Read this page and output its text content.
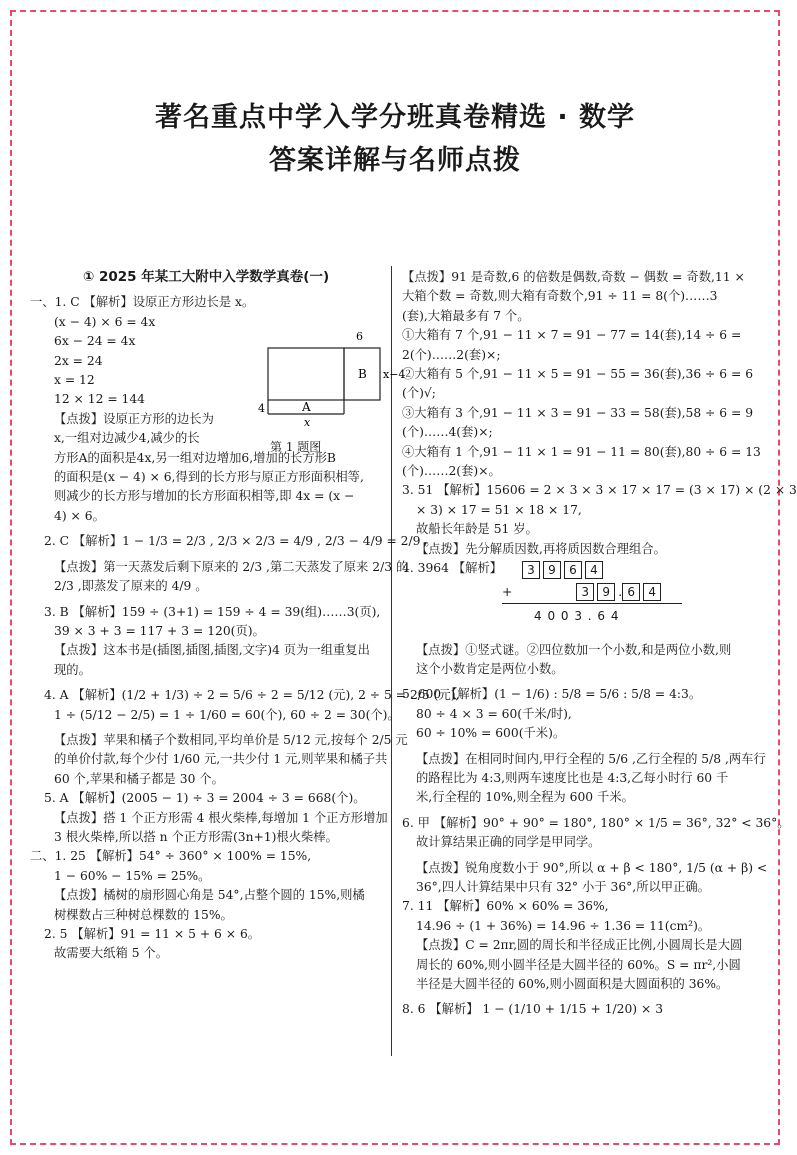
著名重点中学入学分班真卷精选 · 数学
答案详解与名师点拨
① 2025 年某工大附中入学数学真卷(一)
一、1. C 【解析】设原正方形边长是 x。
(x − 4) × 6 = 4x
6x − 24 = 4x
2x = 24
x = 12
12 × 12 = 144
【点拨】设原正方形的边长为
x,一组对边减少4,减少的长
方形A的面积是4x,另一组对边增加6,增加的长方形B
的面积是(x − 4) × 6,得到的长方形与原正方形面积相等,
则减少的长方形与增加的长方形面积相等,即 4x = (x −
4) × 6。
2. C 【解析】1 − 1/3 = 2/3 , 2/3 × 2/3 = 4/9 , 2/3 − 4/9 = 2/9 。
【点拨】第一天蒸发后剩下原来的 2/3 ,第二天蒸发了原来 2/3 的
2/3 ,即蒸发了原来的 4/9 。
3. B 【解析】159 ÷ (3+1) = 159 ÷ 4 = 39(组)……3(页),
39 × 3 + 3 = 117 + 3 = 120(页)。
【点拨】这本书是(插图,插图,插图,文字)4 页为一组重复出
现的。
4. A 【解析】(1/2 + 1/3) ÷ 2 = 5/6 ÷ 2 = 5/12 (元), 2 ÷ 5 = 2/5 (元),
1 ÷ (5/12 − 2/5) = 1 ÷ 1/60 = 60(个), 60 ÷ 2 = 30(个)。
【点拨】苹果和橘子个数相同,平均单价是 5/12 元,按每个 2/5 元
的单价付款,每个少付 1/60 元,一共少付 1 元,则苹果和橘子共
60 个,苹果和橘子都是 30 个。
5. A 【解析】(2005 − 1) ÷ 3 = 2004 ÷ 3 = 668(个)。
【点拨】搭 1 个正方形需 4 根火柴棒,每增加 1 个正方形增加
3 根火柴棒,所以搭 n 个正方形需(3n+1)根火柴棒。
二、1. 25 【解析】54° ÷ 360° × 100% = 15%,
1 − 60% − 15% = 25%。
【点拨】橘树的扇形圆心角是 54°,占整个圆的 15%,则橘
树棵数占三种树总棵数的 15%。
2. 5 【解析】91 = 11 × 5 + 6 × 6。
故需要大纸箱 5 个。
6
B x−4
4	A
x
第 1 题图
【点拨】91 是奇数,6 的倍数是偶数,奇数 − 偶数 = 奇数,11 ×
大箱个数 = 奇数,则大箱有奇数个,91 ÷ 11 = 8(个)……3
(套),大箱最多有 7 个。
①大箱有 7 个,91 − 11 × 7 = 91 − 77 = 14(套),14 ÷ 6 =
2(个)……2(套)×;
②大箱有 5 个,91 − 11 × 5 = 91 − 55 = 36(套),36 ÷ 6 = 6
(个)√;
③大箱有 3 个,91 − 11 × 3 = 91 − 33 = 58(套),58 ÷ 6 = 9
(个)……4(套)×;
④大箱有 1 个,91 − 11 × 1 = 91 − 11 = 80(套),80 ÷ 6 = 13
(个)……2(套)×。
3. 51 【解析】15606 = 2 × 3 × 3 × 17 × 17 = (3 × 17) × (2 × 3
× 3) × 17 = 51 × 18 × 17,
故船长年龄是 51 岁。
【点拨】先分解质因数,再将质因数合理组合。
4. 3964 【解析】	3 9 6 4
+	3 9 . 6 4
4 0 0 3 . 6 4
【点拨】①竖式谜。②四位数加一个小数,和是两位小数,则
这个小数肯定是两位小数。
5. 600 【解析】(1 − 1/6) : 5/8 = 5/6 : 5/8 = 4:3。
80 ÷ 4 × 3 = 60(千米/时),
60 ÷ 10% = 600(千米)。
【点拨】在相同时间内,甲行全程的 5/6 ,乙行全程的 5/8 ,两车行
的路程比为 4:3,则两车速度比也是 4:3,乙每小时行 60 千
米,行全程的 10%,则全程为 600 千米。
6. 甲 【解析】90° + 90° = 180°, 180° × 1/5 = 36°, 32° < 36°。
故计算结果正确的同学是甲同学。
【点拨】锐角度数小于 90°,所以 α + β < 180°, 1/5 (α + β) <
36°,四人计算结果中只有 32° 小于 36°,所以甲正确。
7. 11 【解析】60% × 60% = 36%,
14.96 ÷ (1 + 36%) = 14.96 ÷ 1.36 = 11(cm²)。
【点拨】C = 2πr,圆的周长和半径成正比例,小圆周长是大圆
周长的 60%,则小圆半径是大圆半径的 60%。S = πr²,小圆
半径是大圆半径的 60%,则小圆面积是大圆面积的 36%。
8. 6 【解析】 1 − (1/10 + 1/15 + 1/20) × 3
